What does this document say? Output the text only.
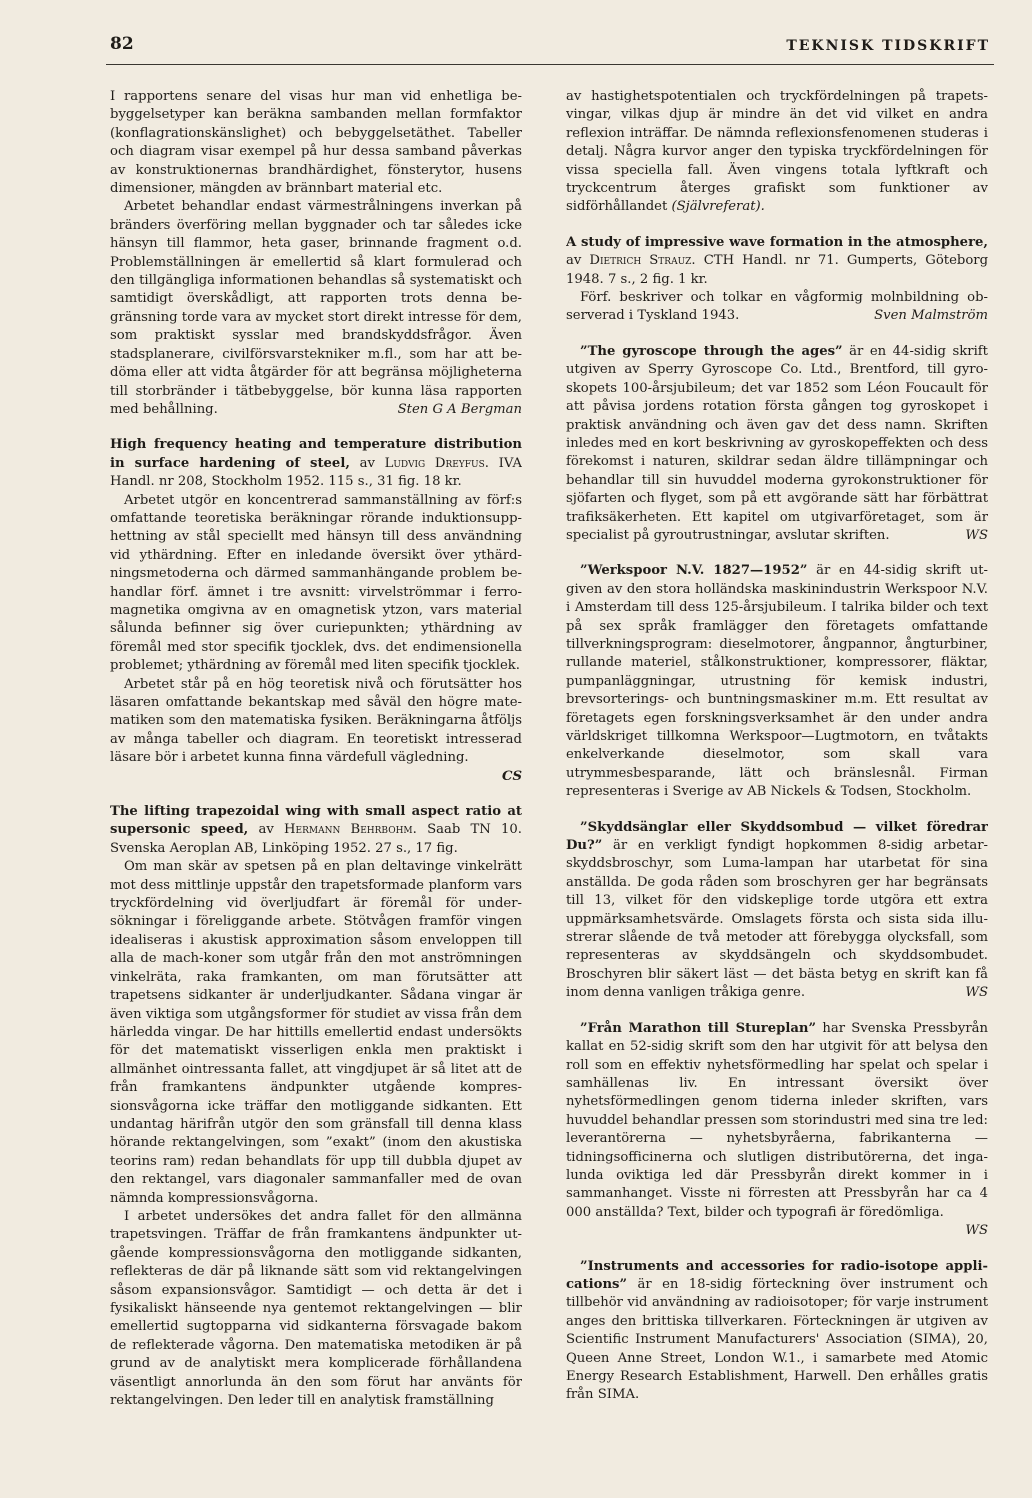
82	TEKNISK TIDSKRIFT

I rapportens senare del visas hur man vid enhetliga bebyggelsetyper kan beräkna sambanden mellan formfaktor (konflagrationskänslighet) och bebyggelsetäthet. Tabeller och diagram visar exempel på hur dessa samband påverkas av konstruktionernas brandhärdighet, fönsterytor, husens dimensioner, mängden av brännbart material etc.

Arbetet behandlar endast värmestrålningens inverkan på bränders överföring mellan byggnader och tar således icke hänsyn till flammor, heta gaser, brinnande fragment o.d. Problemställningen är emellertid så klart formulerad och den tillgängliga informationen behandlas så systematiskt och samtidigt överskådligt, att rapporten trots denna begränsning torde vara av mycket stort direkt intresse för dem, som praktiskt sysslar med brandskyddsfrågor. Även stadsplanerare, civilförsvarstekniker m.fl., som har att bedöma eller att vidta åtgärder för att begränsa möjligheterna till storbränder i tätbebyggelse, bör kunna läsa rapporten med behållning.	Sten G A Bergman

High frequency heating and temperature distribution in surface hardening of steel, av Ludvig Dreyfus. IVA Handl. nr 208, Stockholm 1952. 115 s., 31 fig. 18 kr.

Arbetet utgör en koncentrerad sammanställning av förf:s omfattande teoretiska beräkningar rörande induktionsupphettning av stål speciellt med hänsyn till dess användning vid ythärdning. Efter en inledande översikt över ythärdningsmetoderna och därmed sammanhängande problem behandlar förf. ämnet i tre avsnitt: virvelströmmar i ferromagnetika omgivna av en omagnetisk ytzon, vars material sålunda befinner sig över curiepunkten; ythärdning av föremål med stor specifik tjocklek, dvs. det endimensionella problemet; ythärdning av föremål med liten specifik tjocklek.

Arbetet står på en hög teoretisk nivå och förutsätter hos läsaren omfattande bekantskap med såväl den högre matematiken som den matematiska fysiken. Beräkningarna åtföljs av många tabeller och diagram. En teoretiskt intresserad läsare bör i arbetet kunna finna värdefull vägledning.

CS

The lifting trapezoidal wing with small aspect ratio at supersonic speed, av Hermann Behrbohm. Saab TN 10. Svenska Aeroplan AB, Linköping 1952. 27 s., 17 fig.

Om man skär av spetsen på en plan deltavinge vinkelrätt mot dess mittlinje uppstår den trapetsformade planform vars tryckfördelning vid överljudfart är föremål för undersökningar i föreliggande arbete. Stötvågen framför vingen idealiseras i akustisk approximation såsom enveloppen till alla de mach-koner som utgår från den mot anströmningen vinkelräta, raka framkanten, om man förutsätter att trapetsens sidkanter är underljudkanter. Sådana vingar är även viktiga som utgångsformer för studiet av vissa från dem härledda vingar. De har hittills emellertid endast undersökts för det matematiskt visserligen enkla men praktiskt i allmänhet ointressanta fallet, att vingdjupet är så litet att de från framkantens ändpunkter utgående kompressionsvågorna icke träffar den motliggande sidkanten. Ett undantag härifrån utgör den som gränsfall till denna klass hörande rektangelvingen, som ”exakt” (inom den akustiska teorins ram) redan behandlats för upp till dubbla djupet av den rektangel, vars diagonaler sammanfaller med de ovan nämnda kompressionsvågorna.

I arbetet undersökes det andra fallet för den allmänna trapetsvingen. Träffar de från framkantens ändpunkter utgående kompressionsvågorna den motliggande sidkanten, reflekteras de där på liknande sätt som vid rektangelvingen såsom expansionsvågor. Samtidigt — och detta är det i fysikaliskt hänseende nya gentemot rektangelvingen — blir emellertid sugtopparna vid sidkanterna försvagade bakom de reflekterade vågorna. Den matematiska metodiken är på grund av de analytiskt mera komplicerade förhållandena väsentligt annorlunda än den som förut har använts för rektangelvingen. Den leder till en analytisk framställning

av hastighetspotentialen och tryckfördelningen på trapetsvingar, vilkas djup är mindre än det vid vilket en andra reflexion inträffar. De nämnda reflexionsfenomenen studeras i detalj. Några kurvor anger den typiska tryckfördelningen för vissa speciella fall. Även vingens totala lyftkraft och tryckcentrum återges grafiskt som funktioner av sidförhållandet (Självreferat).

A study of impressive wave formation in the atmosphere, av Dietrich Strauz. CTH Handl. nr 71. Gumperts, Göteborg 1948. 7 s., 2 fig. 1 kr.

Förf. beskriver och tolkar en vågformig molnbildning observerad i Tyskland 1943.	Sven Malmström

”The gyroscope through the ages” är en 44-sidig skrift utgiven av Sperry Gyroscope Co. Ltd., Brentford, till gyroskopets 100-årsjubileum; det var 1852 som Léon Foucault för att påvisa jordens rotation första gången tog gyroskopet i praktisk användning och även gav det dess namn. Skriften inledes med en kort beskrivning av gyroskopeffekten och dess förekomst i naturen, skildrar sedan äldre tillämpningar och behandlar till sin huvuddel moderna gyrokonstruktioner för sjöfarten och flyget, som på ett avgörande sätt har förbättrat trafiksäkerheten. Ett kapitel om utgivarföretaget, som är specialist på gyroutrustningar, avslutar skriften.	WS

”Werkspoor N.V. 1827—1952” är en 44-sidig skrift utgiven av den stora holländska maskinindustrin Werkspoor N.V. i Amsterdam till dess 125-årsjubileum. I talrika bilder och text på sex språk framlägger den företagets omfattande tillverkningsprogram: dieselmotorer, ångpannor, ångturbiner, rullande materiel, stålkonstruktioner, kompressorer, fläktar, pumpanläggningar, utrustning för kemisk industri, brevsorterings- och buntningsmaskiner m.m. Ett resultat av företagets egen forskningsverksamhet är den under andra världskriget tillkomna Werkspoor—Lugtmotorn, en tvåtakts enkelverkande dieselmotor, som skall vara utrymmesbesparande, lätt och bränslesnål. Firman representeras i Sverige av AB Nickels & Todsen, Stockholm.

”Skyddsänglar eller Skyddsombud — vilket föredrar Du?” är en verkligt fyndigt hopkommen 8-sidig arbetarskyddsbroschyr, som Luma-lampan har utarbetat för sina anställda. De goda råden som broschyren ger har begränsats till 13, vilket för den vidskeplige torde utgöra ett extra uppmärksamhetsvärde. Omslagets första och sista sida illustrerar slående de två metoder att förebygga olycksfall, som representeras av skyddsängeln och skyddsombudet. Broschyren blir säkert läst — det bästa betyg en skrift kan få inom denna vanligen tråkiga genre.	WS

”Från Marathon till Stureplan” har Svenska Pressbyrån kallat en 52-sidig skrift som den har utgivit för att belysa den roll som en effektiv nyhetsförmedling har spelat och spelar i samhällenas liv. En intressant översikt över nyhetsförmedlingen genom tiderna inleder skriften, vars huvuddel behandlar pressen som storindustri med sina tre led: leverantörerna — nyhetsbyråerna, fabrikanterna — tidningsofficinerna och slutligen distributörerna, det ingalunda oviktiga led där Pressbyrån direkt kommer in i sammanhanget. Visste ni förresten att Pressbyrån har ca 4 000 anställda? Text, bilder och typografi är föredömliga.

WS

”Instruments and accessories for radio-isotope applications” är en 18-sidig förteckning över instrument och tillbehör vid användning av radioisotoper; för varje instrument anges den brittiska tillverkaren. Förteckningen är utgiven av Scientific Instrument Manufacturers' Association (SIMA), 20, Queen Anne Street, London W.1., i samarbete med Atomic Energy Research Establishment, Harwell. Den erhålles gratis från SIMA.
